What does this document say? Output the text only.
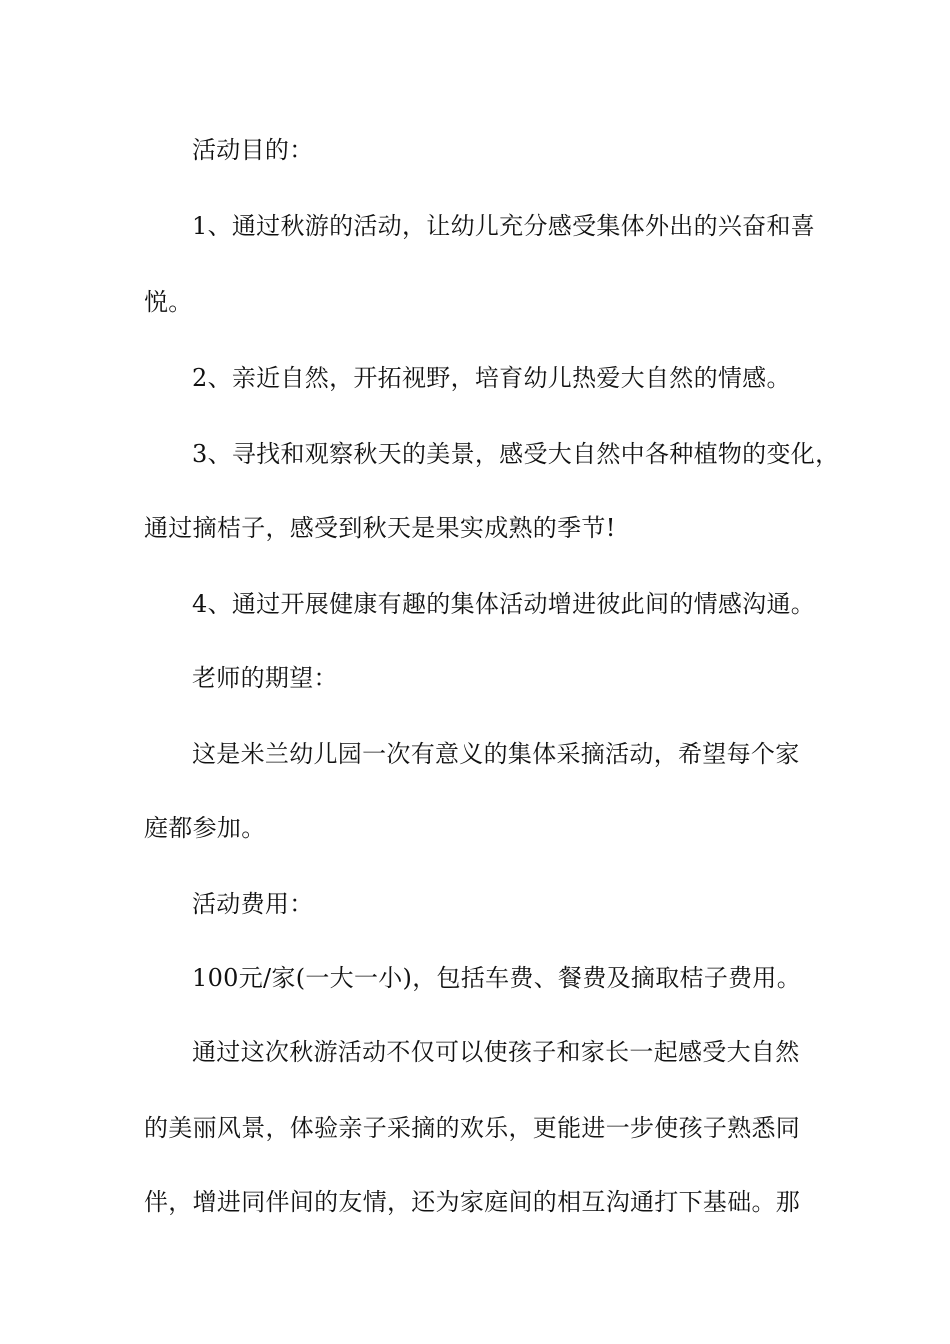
活动目的：
1、通过秋游的活动，让幼儿充分感受集体外出的兴奋和喜
悦。
2、亲近自然，开拓视野，培育幼儿热爱大自然的情感。
3、寻找和观察秋天的美景，感受大自然中各种植物的变化，
通过摘桔子，感受到秋天是果实成熟的季节!
4、通过开展健康有趣的集体活动增进彼此间的情感沟通。
老师的期望：
这是米兰幼儿园一次有意义的集体采摘活动，希望每个家
庭都参加。
活动费用：
100元/家(一大一小)，包括车费、餐费及摘取桔子费用。
通过这次秋游活动不仅可以使孩子和家长一起感受大自然
的美丽风景，体验亲子采摘的欢乐，更能进一步使孩子熟悉同
伴，增进同伴间的友情，还为家庭间的相互沟通打下基础。那
